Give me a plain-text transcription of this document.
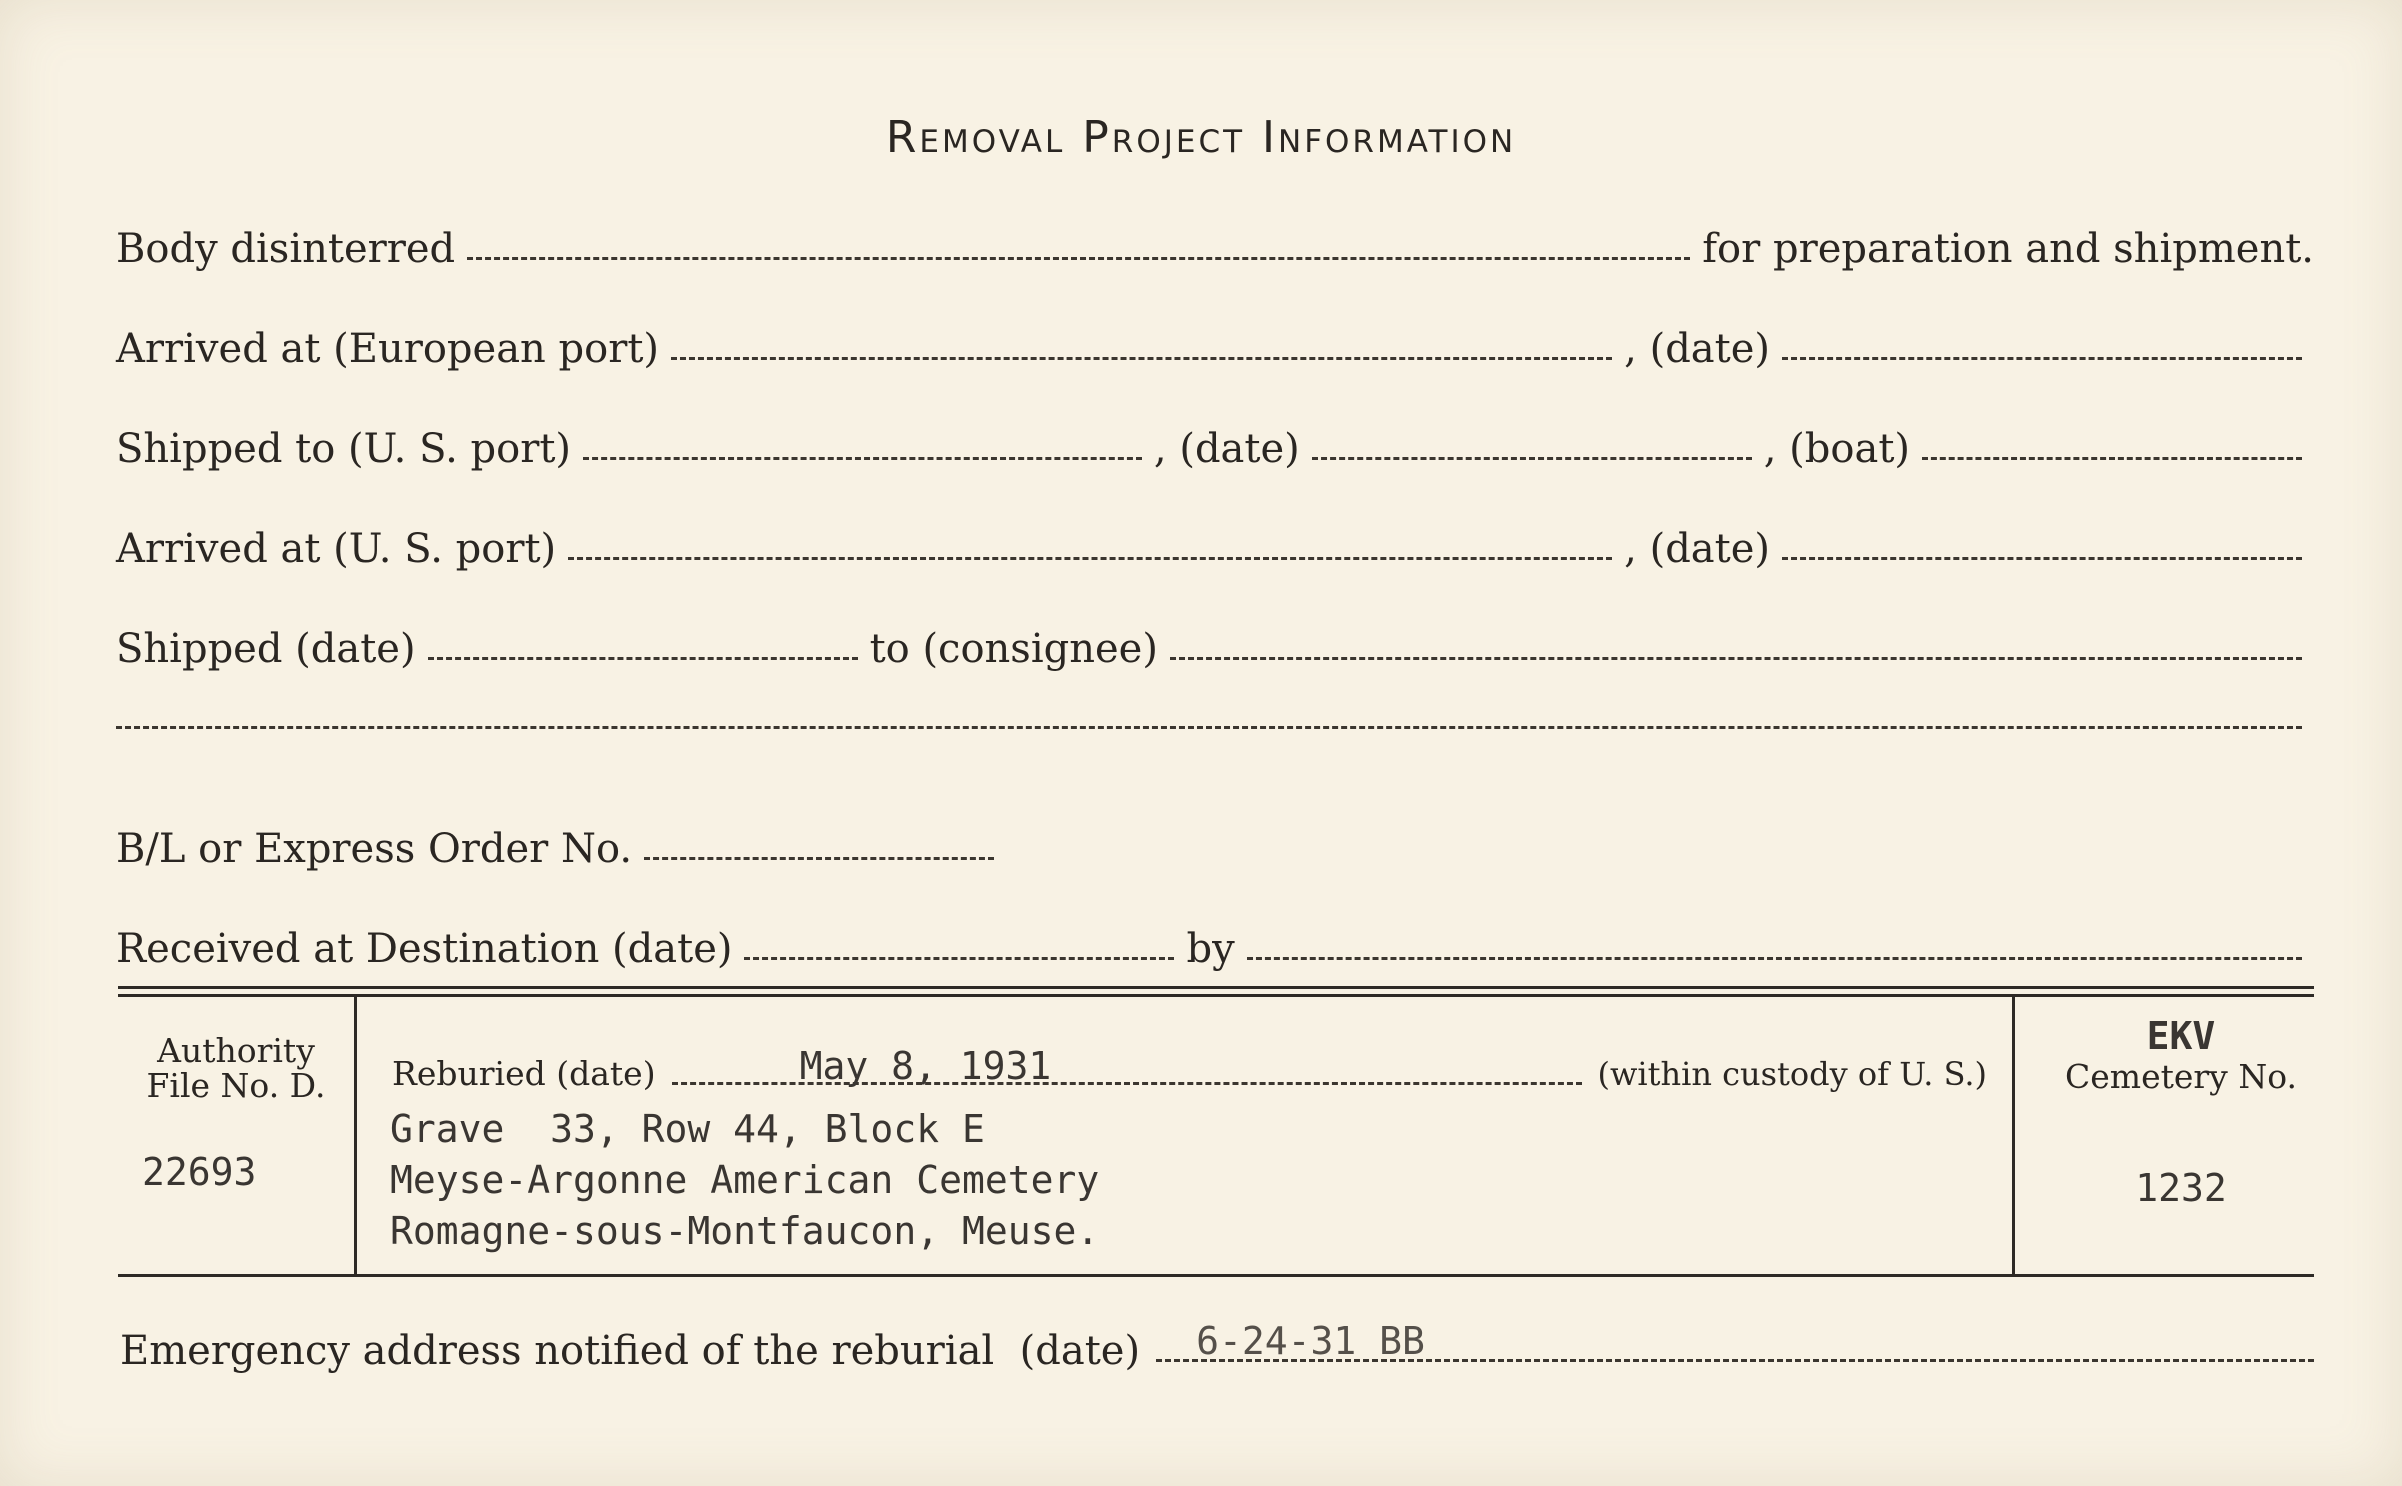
Removal Project Information
Body disinterred	for preparation and shipment.
Arrived at (European port)	, (date)
Shipped to (U. S. port)	, (date)	, (boat)
Arrived at (U. S. port)	, (date)
Shipped (date)	to (consignee)
B/L or Express Order No.
Received at Destination (date)	by
Authority
File No. D.
22693
Reburied (date)	May 8, 1931	(within custody of U. S.)
Grave  33, Row 44, Block E
Meyse-Argonne American Cemetery
Romagne-sous-Montfaucon, Meuse.
EKV
Cemetery No.
1232
Emergency address notified of the reburial  (date) 6-24-31 BB
